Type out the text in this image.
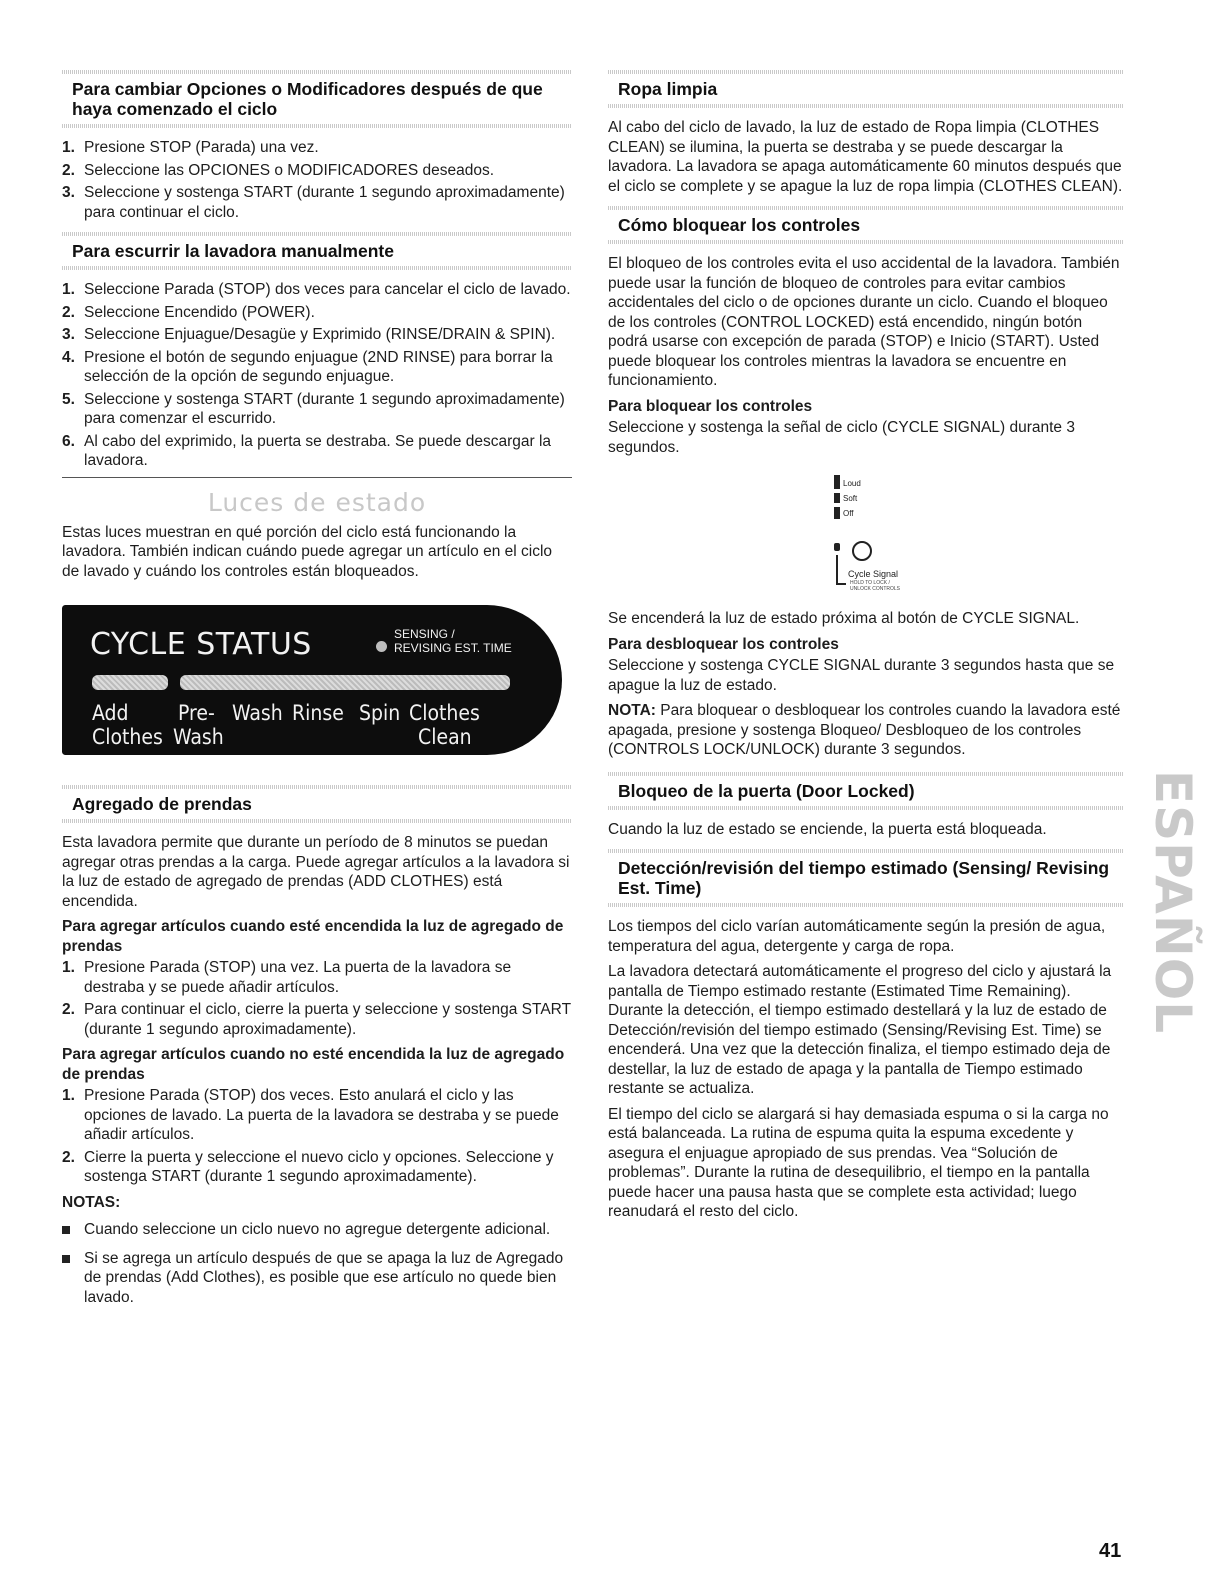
Para cambiar Opciones o Modificadores después de que haya comenzado el ciclo
1. Presione STOP (Parada) una vez.
2. Seleccione las OPCIONES o MODIFICADORES deseados.
3. Seleccione y sostenga START (durante 1 segundo aproximadamente) para continuar el ciclo.
Para escurrir la lavadora manualmente
1. Seleccione Parada (STOP) dos veces para cancelar el ciclo de lavado.
2. Seleccione Encendido (POWER).
3. Seleccione Enjuague/Desagüe y Exprimido (RINSE/DRAIN & SPIN).
4. Presione el botón de segundo enjuague (2ND RINSE) para borrar la selección de la opción de segundo enjuague.
5. Seleccione y sostenga START (durante 1 segundo aproximadamente) para comenzar el escurrido.
6. Al cabo del exprimido, la puerta se destraba. Se puede descargar la lavadora.
Luces de estado

Estas luces muestran en qué porción del ciclo está funcionando la lavadora. También indican cuándo puede agregar un artículo en el ciclo de lavado y cuándo los controles están bloqueados.

CYCLE STATUS	SENSING /
REVISING EST. TIME
Add
Clothes
Pre-
Wash
Wash Rinse Spin Clothes
Clean
Agregado de prendas

Esta lavadora permite que durante un período de 8 minutos se puedan agregar otras prendas a la carga. Puede agregar artículos a la lavadora si la luz de estado de agregado de prendas (ADD CLOTHES) está encendida.

Para agregar artículos cuando esté encendida la luz de agregado de prendas
1. Presione Parada (STOP) una vez. La puerta de la lavadora se destraba y se puede añadir artículos.
2. Para continuar el ciclo, cierre la puerta y seleccione y sostenga START (durante 1 segundo aproximadamente).
Para agregar artículos cuando no esté encendida la luz de agregado de prendas
1. Presione Parada (STOP) dos veces. Esto anulará el ciclo y las opciones de lavado. La puerta de la lavadora se destraba y se puede añadir artículos.
2. Cierre la puerta y seleccione el nuevo ciclo y opciones. Seleccione y sostenga START (durante 1 segundo aproximadamente).
NOTAS:
Cuando seleccione un ciclo nuevo no agregue detergente adicional.
Si se agrega un artículo después de que se apaga la luz de Agregado de prendas (Add Clothes), es posible que ese artículo no quede bien lavado.
Ropa limpia

Al cabo del ciclo de lavado, la luz de estado de Ropa limpia (CLOTHES CLEAN) se ilumina, la puerta se destraba y se puede descargar la lavadora. La lavadora se apaga automáticamente 60 minutos después que el ciclo se complete y se apague la luz de ropa limpia (CLOTHES CLEAN).

Cómo bloquear los controles

El bloqueo de los controles evita el uso accidental de la lavadora. También puede usar la función de bloqueo de controles para evitar cambios accidentales del ciclo o de opciones durante un ciclo. Cuando el bloqueo de los controles (CONTROL LOCKED) está encendido, ningún botón podrá usarse con excepción de parada (STOP) e Inicio (START). Usted puede bloquear los controles mientras la lavadora se encuentre en funcionamiento.

Para bloquear los controles

Seleccione y sostenga la señal de ciclo (CYCLE SIGNAL) durante 3 segundos.

Loud
Soft
Off
Cycle Signal
HOLD TO LOCK / UNLOCK CONTROLS

Se encenderá la luz de estado próxima al botón de CYCLE SIGNAL.

Para desbloquear los controles

Seleccione y sostenga CYCLE SIGNAL durante 3 segundos hasta que se apague la luz de estado.

NOTA: Para bloquear o desbloquear los controles cuando la lavadora esté apagada, presione y sostenga Bloqueo/ Desbloqueo de los controles (CONTROLS LOCK/UNLOCK) durante 3 segundos.

Bloqueo de la puerta (Door Locked)

Cuando la luz de estado se enciende, la puerta está bloqueada.

Detección/revisión del tiempo estimado (Sensing/ Revising Est. Time)

Los tiempos del ciclo varían automáticamente según la presión de agua, temperatura del agua, detergente y carga de ropa.

La lavadora detectará automáticamente el progreso del ciclo y ajustará la pantalla de Tiempo estimado restante (Estimated Time Remaining). Durante la detección, el tiempo estimado destellará y la luz de estado de Detección/revisión del tiempo estimado (Sensing/Revising Est. Time) se encenderá. Una vez que la detección finaliza, el tiempo estimado deja de destellar, la luz de estado de apaga y la pantalla de Tiempo estimado restante se actualiza.

El tiempo del ciclo se alargará si hay demasiada espuma o si la carga no está balanceada. La rutina de espuma quita la espuma excedente y asegura el enjuague apropiado de sus prendas. Vea “Solución de problemas”. Durante la rutina de desequilibrio, el tiempo en la pantalla puede hacer una pausa hasta que se complete esta actividad; luego reanudará el resto del ciclo.

ESPAÑOL
41
